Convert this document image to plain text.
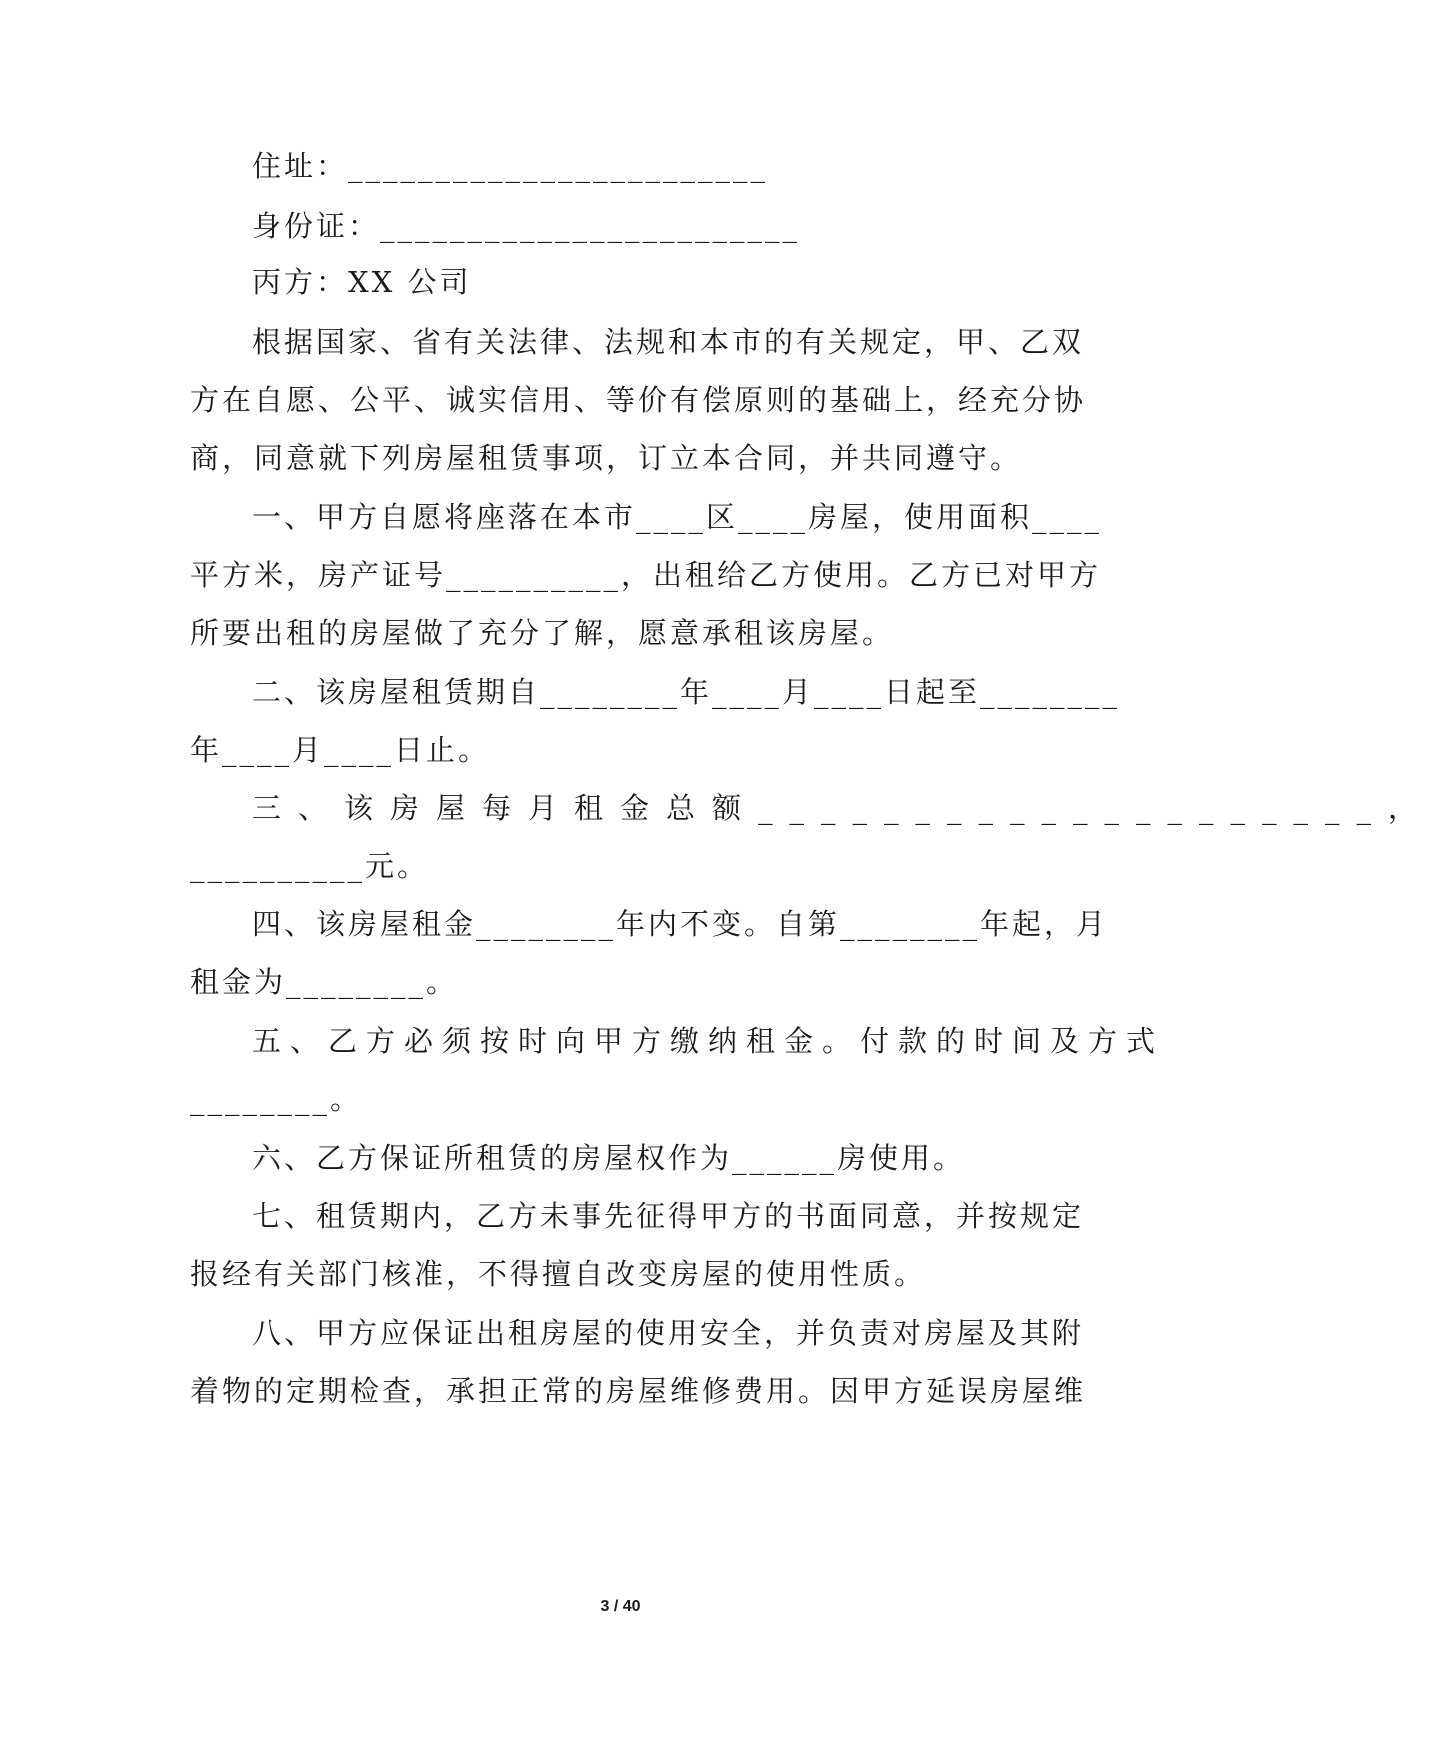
住址：________________________
身份证：________________________
丙方：XX 公司
根据国家、省有关法律、法规和本市的有关规定，甲、乙双
方在自愿、公平、诚实信用、等价有偿原则的基础上，经充分协
商，同意就下列房屋租赁事项，订立本合同，并共同遵守。
一、甲方自愿将座落在本市____区____房屋，使用面积____
平方米，房产证号__________，出租给乙方使用。乙方已对甲方
所要出租的房屋做了充分了解，愿意承租该房屋。
二、该房屋租赁期自________年____月____日起至________
年____月____日止。
三、该房屋每月租金总额____________________，
__________元。
四、该房屋租金________年内不变。自第________年起，月
租金为________。
五、乙方必须按时向甲方缴纳租金。付款的时间及方式
________。
六、乙方保证所租赁的房屋权作为______房使用。
七、租赁期内，乙方未事先征得甲方的书面同意，并按规定
报经有关部门核准，不得擅自改变房屋的使用性质。
八、甲方应保证出租房屋的使用安全，并负责对房屋及其附
着物的定期检查，承担正常的房屋维修费用。因甲方延误房屋维
3 / 40
